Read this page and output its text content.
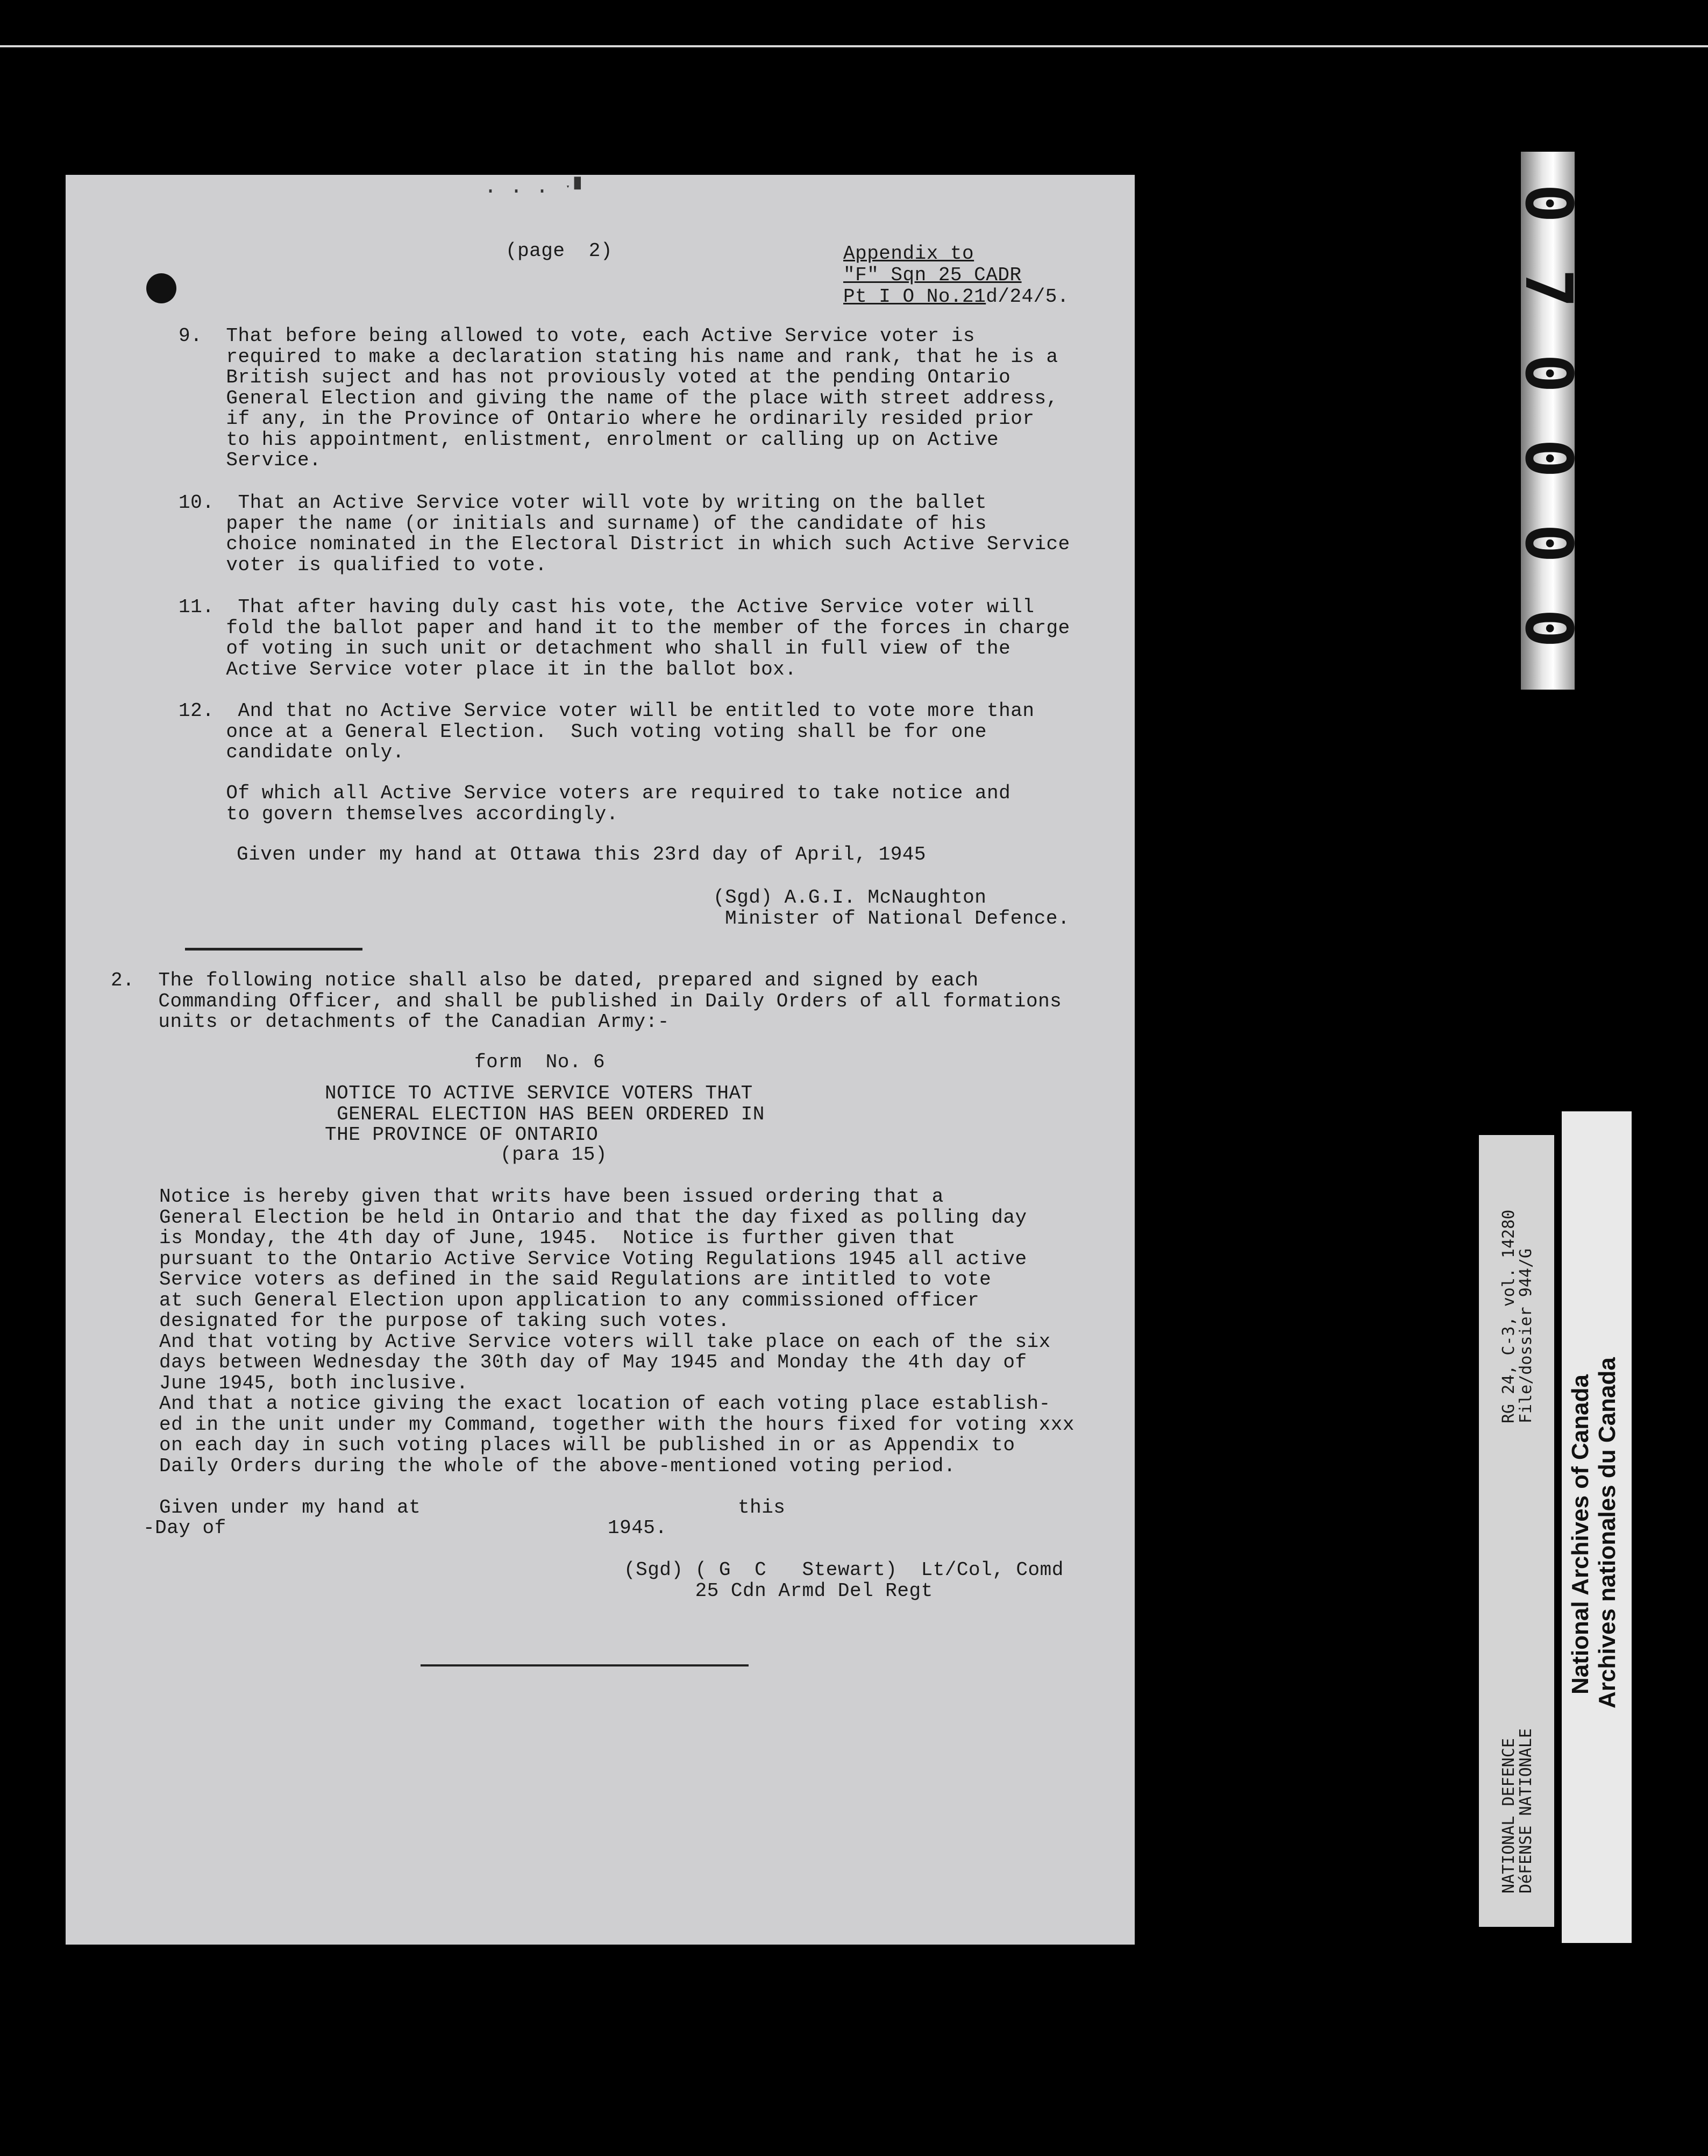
· · · ˑ▘
(page  2)	Appendix to
"F" Sqn 25 CADR
Pt I O No.21d/24/5.
9.  That before being allowed to vote, each Active Service voter is
required to make a declaration stating his name and rank, that he is a
British suject and has not proviously voted at the pending Ontario
General Election and giving the name of the place with street address,
if any, in the Province of Ontario where he ordinarily resided prior
to his appointment, enlistment, enrolment or calling up on Active
Service.
10.  That an Active Service voter will vote by writing on the ballet
paper the name (or initials and surname) of the candidate of his
choice nominated in the Electoral District in which such Active Service
voter is qualified to vote.
11.  That after having duly cast his vote, the Active Service voter will
fold the ballot paper and hand it to the member of the forces in charge
of voting in such unit or detachment who shall in full view of the
Active Service voter place it in the ballot box.
12.  And that no Active Service voter will be entitled to vote more than
once at a General Election.  Such voting voting shall be for one
candidate only.
Of which all Active Service voters are required to take notice and
to govern themselves accordingly.
Given under my hand at Ottawa this 23rd day of April, 1945
(Sgd) A.G.I. McNaughton
Minister of National Defence.
2.  The following notice shall also be dated, prepared and signed by each
Commanding Officer, and shall be published in Daily Orders of all formations
units or detachments of the Canadian Army:-
form  No. 6
NOTICE TO ACTIVE SERVICE VOTERS THAT
GENERAL ELECTION HAS BEEN ORDERED IN
THE PROVINCE OF ONTARIO
(para 15)
Notice is hereby given that writs have been issued ordering that a
General Election be held in Ontario and that the day fixed as polling day
is Monday, the 4th day of June, 1945.  Notice is further given that
pursuant to the Ontario Active Service Voting Regulations 1945 all active
Service voters as defined in the said Regulations are intitled to vote
at such General Election upon application to any commissioned officer
designated for the purpose of taking such votes.
And that voting by Active Service voters will take place on each of the six
days between Wednesday the 30th day of May 1945 and Monday the 4th day of
June 1945, both inclusive.
And that a notice giving the exact location of each voting place establish-
ed in the unit under my Command, together with the hours fixed for voting xxx
on each day in such voting places will be published in or as Appendix to
Daily Orders during the whole of the above-mentioned voting period.
Given under my hand at	this
-Day of	1945.
(Sgd) ( G  C   Stewart)  Lt/Col, Comd
25 Cdn Armd Del Regt
0
7
0
0
0
0
RG 24, C-3, vol. 14280
File/dossier 944/G
NATIONAL DEFENCE
DéFENSE NATIONALE
National Archives of Canada Archives nationales du Canada
